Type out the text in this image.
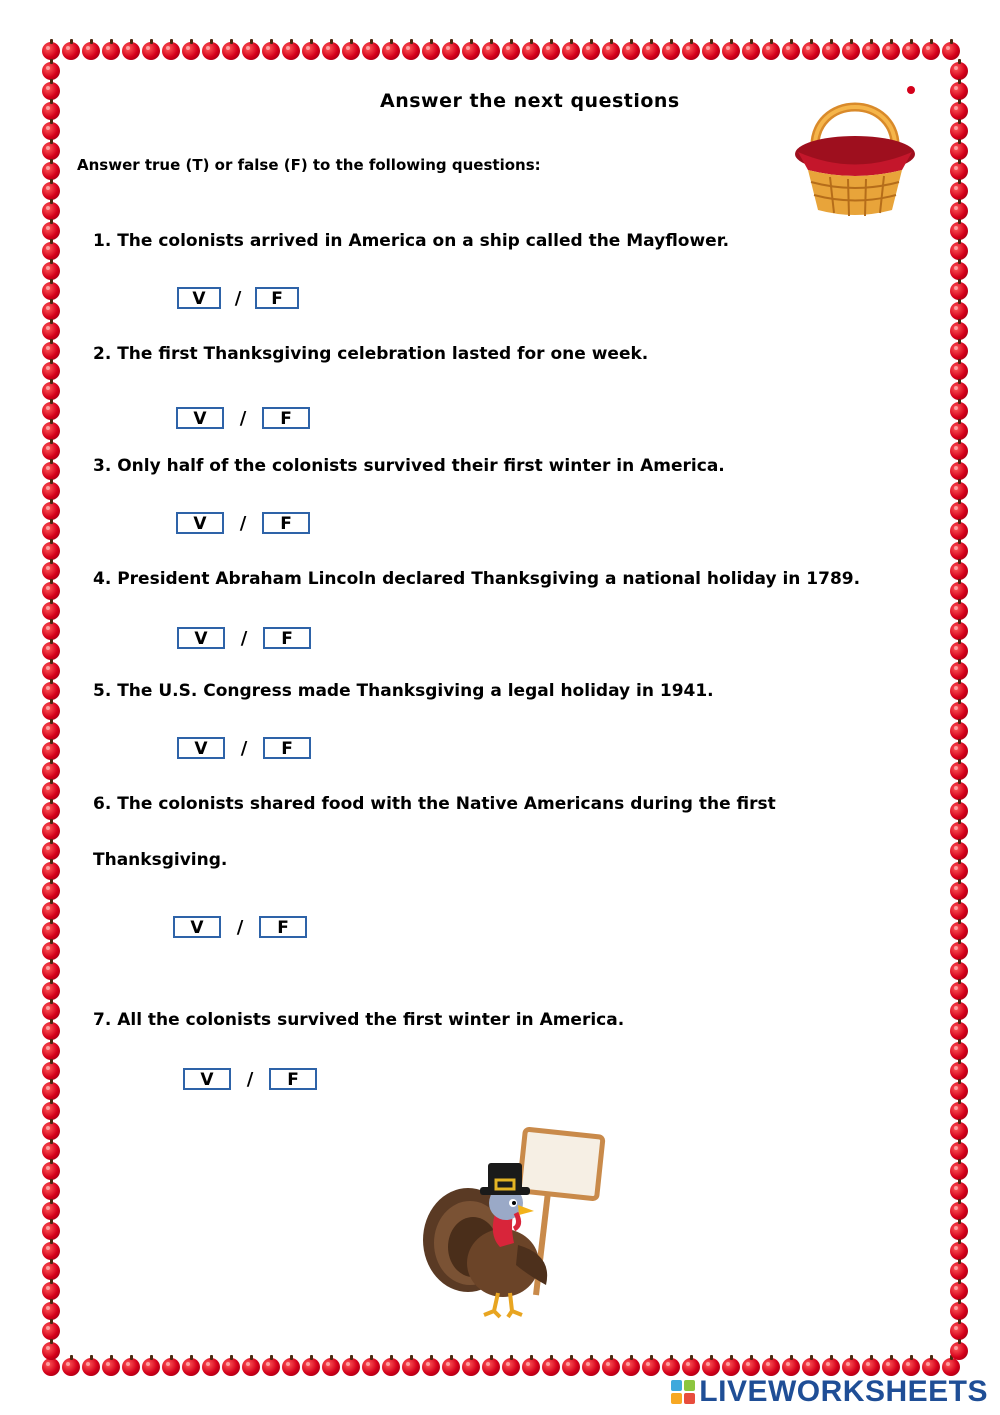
Answer the next questions
Answer true (T) or false (F) to the following questions:
1. The colonists arrived in America on a ship called the Mayflower.
V	/	F
2. The first Thanksgiving celebration lasted for one week.
V	/	F
3. Only half of the colonists survived their first winter in America.
V	/	F
4. President Abraham Lincoln declared Thanksgiving a national holiday in 1789.
V	/	F
5. The U.S. Congress made Thanksgiving a legal holiday in 1941.
V	/	F
6. The colonists shared food with the Native Americans during the first
Thanksgiving.
V	/	F
7. All the colonists survived the first winter in America.
V	/	F
LIVEWORKSHEETS
